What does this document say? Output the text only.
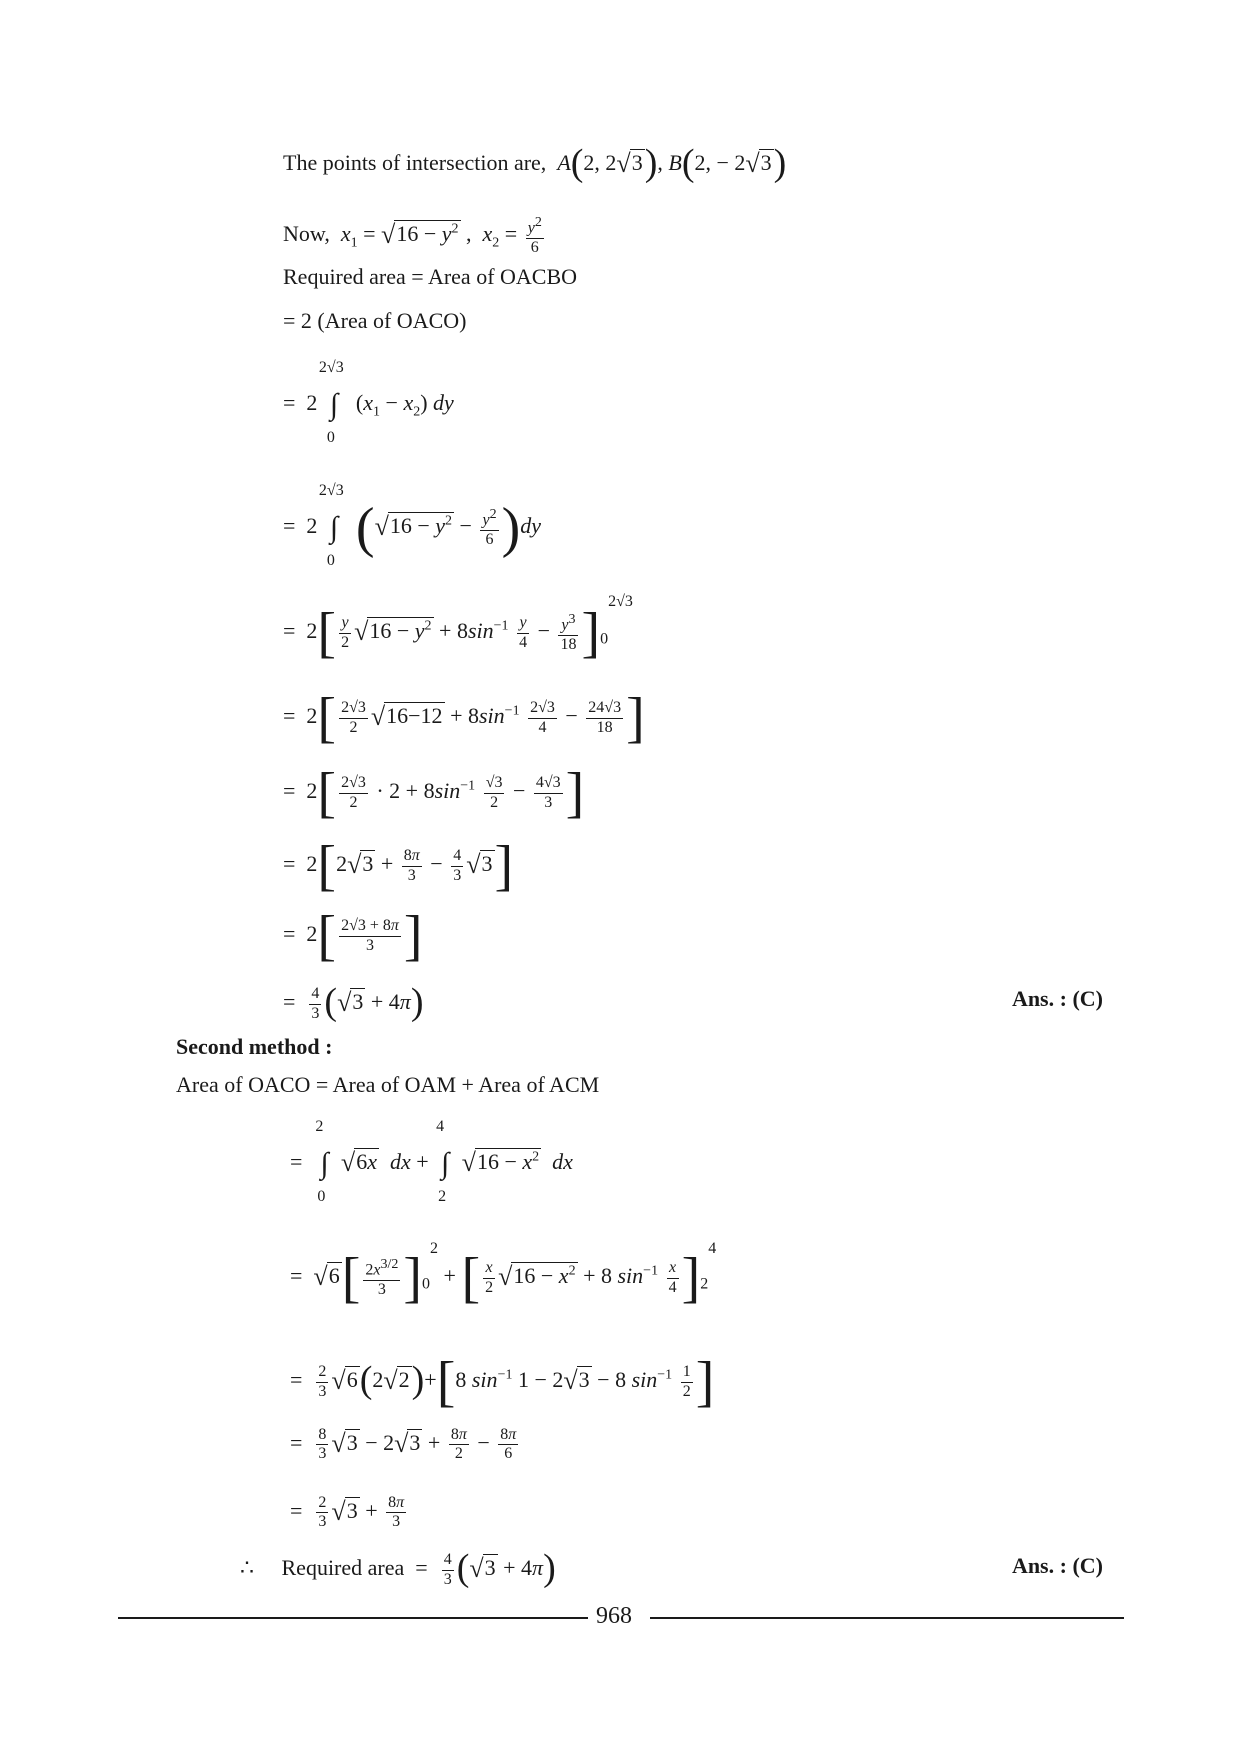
The points of intersection are, A(2, 2√3), B(2, − 2√3)
Now, $x_1 = √16 - y^2$ ,  $x_2 = \frac{y^2}{6}$
Required area = Area of OACBO
= 2 (Area of OACO)
=  2 ∫
2√3
0
$(x_1 - x_2)$ dy
=  2 ∫
2√3
0
$(√16 - y^2 - \frac{y^2}{6} )dy$
=  $2[ \frac{y}{2} √16 - y^2 + 8\sin^{-1} \frac{y}{4} - \frac{y^3}{18} ]_0^{2√3}$
=  $2[ \frac{2√3}{2} √16-12 + 8\sin^{-1} \frac{2√3}{4} - \frac{24√3}{18}$ ]
=  $2[ \frac{2√3}{2} \cdot 2 + 8\sin^{-1} \frac{√3}{2} - \frac{4√3}{3}$ ]
=  $2[2√3 + \frac{8\pi}{3} - \frac{4}{3} √3]$
=  $2[ \frac{2√3 + 8\pi}{3}$ ]
= $\frac{4}{3} (√3 + 4\pi)$	Ans. : (C)
Second method :
Area of OACO = Area of OAM + Area of ACM
=  ∫
2
0
√6x dx + ∫
4
2
$√16 - x^2$ dx
=  $√6[ \frac{2x^{3/2}}{3} ]_0^2$ + [ $\frac{x}{2} √16 - x^2 + 8$ $\sin^{-1} \frac{x}{4} ]_2^4$
= $\frac{2}{3} √6(2√2)+[8$ $\sin^{-1} 1 - 2√3 - 8$ $\sin^{-1} \frac{1}{2}$ ]
= $\frac{8}{3} √3 - 2√3 + \frac{8\pi}{2} - \frac{8\pi}{6}$
= $\frac{2}{3} √3 + \frac{8\pi}{3}$
∴ Required area  = $\frac{4}{3} (√3 + 4\pi)$	Ans. : (C)
968
